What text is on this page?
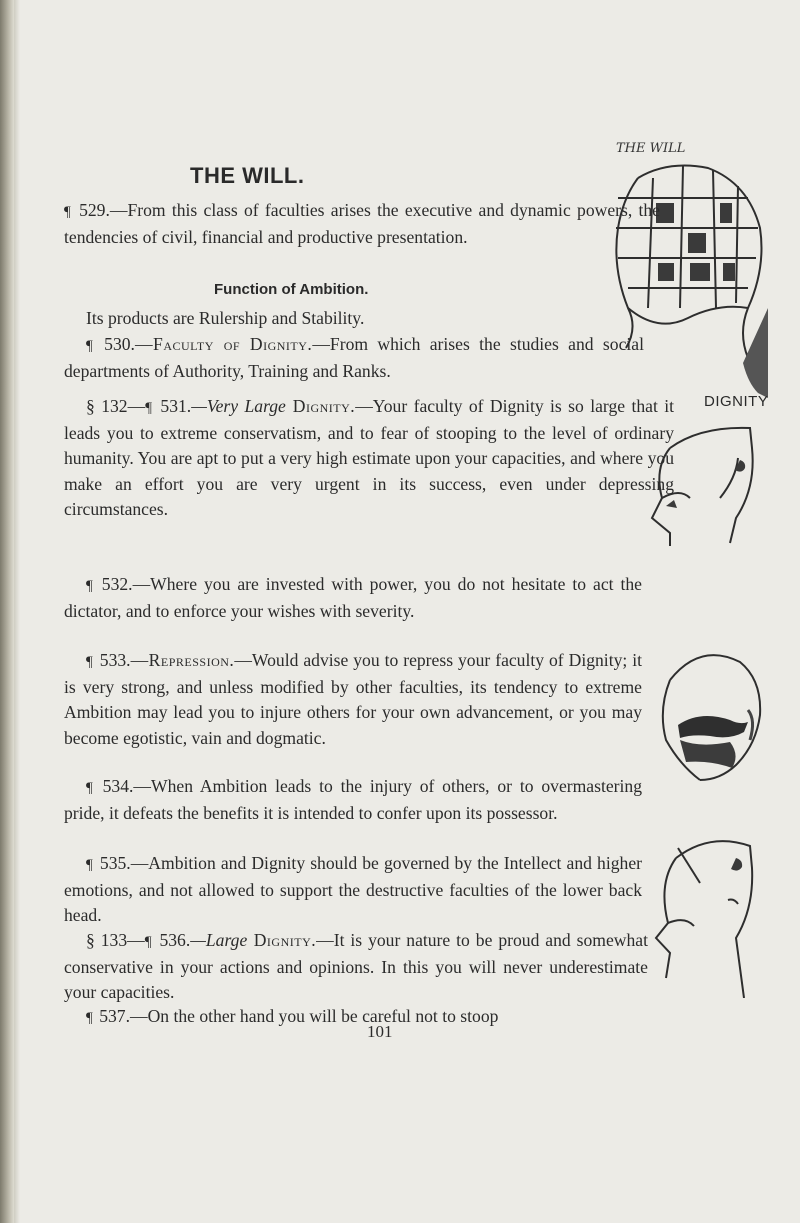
THE WILL.
THE WILL
DIGNITY

¶ 529.—From this class of faculties arises the executive and dynamic powers, the tendencies of civil, financial and productive presentation.

Function of Ambition.

Its products are Rulership and Stability.

¶ 530.—Faculty of Dignity.—From which arises the studies and social departments of Authority, Training and Ranks.

§ 132—¶ 531.—Very Large Dignity.—Your faculty of Dignity is so large that it leads you to extreme conservatism, and to fear of stooping to the level of ordinary humanity. You are apt to put a very high estimate upon your capacities, and where you make an effort you are very urgent in its success, even under depressing circumstances.

¶ 532.—Where you are invested with power, you do not hesitate to act the dictator, and to enforce your wishes with severity.

¶ 533.—Repression.—Would advise you to repress your faculty of Dignity; it is very strong, and unless modified by other faculties, its tendency to extreme Ambition may lead you to injure others for your own advancement, or you may become egotistic, vain and dogmatic.

¶ 534.—When Ambition leads to the injury of others, or to overmastering pride, it defeats the benefits it is intended to confer upon its possessor.

¶ 535.—Ambition and Dignity should be governed by the Intellect and higher emotions, and not allowed to support the destructive faculties of the lower back head.

§ 133—¶ 536.—Large Dignity.—It is your nature to be proud and somewhat conservative in your actions and opinions. In this you will never underestimate your capacities.

¶ 537.—On the other hand you will be careful not to stoop

101
